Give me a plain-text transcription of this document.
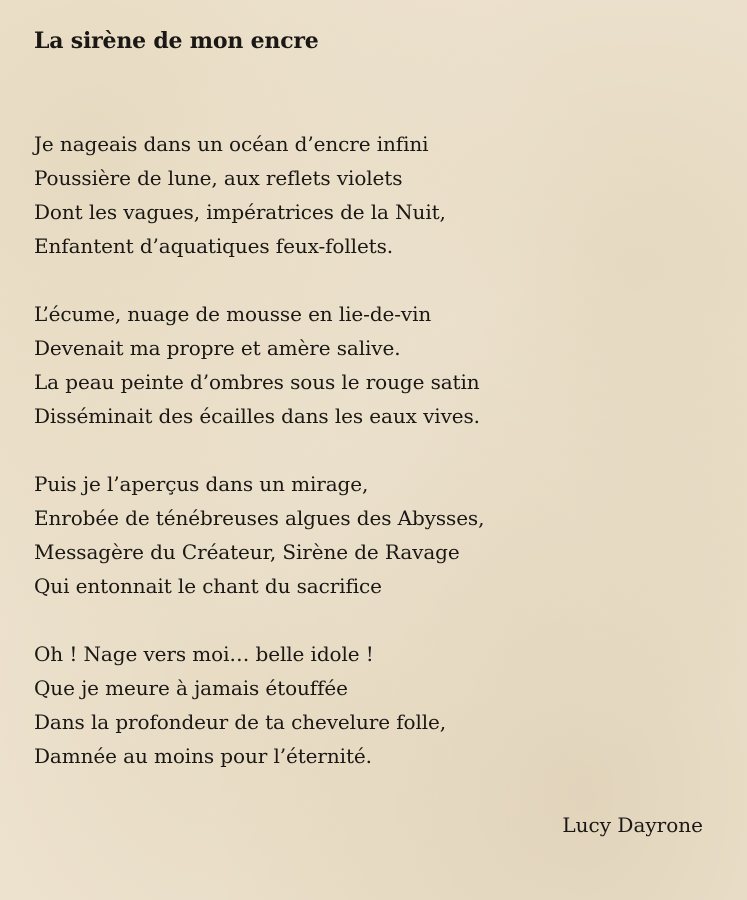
La sirène de mon encre

Je nageais dans un océan d’encre infini
Poussière de lune, aux reflets violets
Dont les vagues, impératrices de la Nuit,
Enfantent d’aquatiques feux-follets.

L’écume, nuage de mousse en lie-de-vin
Devenait ma propre et amère salive.
La peau peinte d’ombres sous le rouge satin
Disséminait des écailles dans les eaux vives.

Puis je l’aperçus dans un mirage,
Enrobée de ténébreuses algues des Abysses,
Messagère du Créateur, Sirène de Ravage
Qui entonnait le chant du sacrifice

Oh ! Nage vers moi… belle idole !
Que je meure à jamais étouffée
Dans la profondeur de ta chevelure folle,
Damnée au moins pour l’éternité.

Lucy Dayrone
